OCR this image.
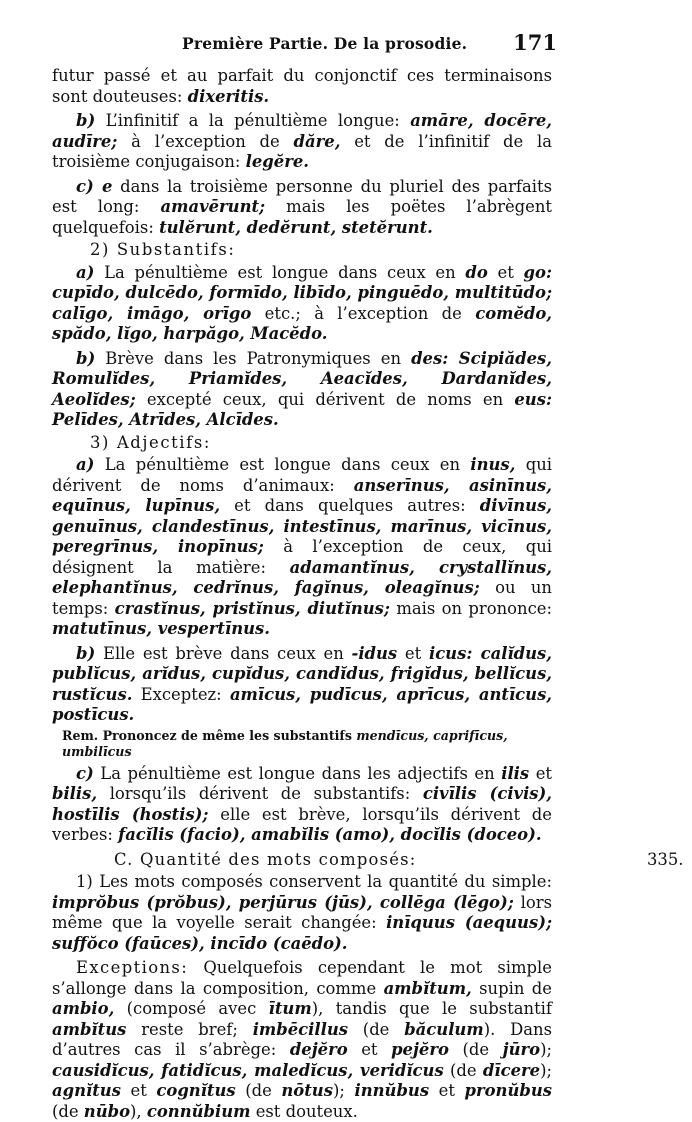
Première Partie. De la prosodie. 171

futur passé et au parfait du conjonctif ces terminaisons sont douteuses: dixeritis.

b) L’infinitif a la pénultième longue: amāre, docēre, audīre; à l’exception de dăre, et de l’infinitif de la troisième conjugaison: legĕre.

c) e dans la troisième personne du pluriel des parfaits est long: amavērunt; mais les poëtes l’abrègent quelquefois: tulĕrunt, dedĕrunt, stetĕrunt.

2) Substantifs:

a) La pénultième est longue dans ceux en do et go: cupīdo, dulcēdo, formīdo, libīdo, pinguēdo, multitūdo; calīgo, imāgo, orīgo etc.; à l’exception de comĕdo, spădo, lĭgo, harpăgo, Macĕdo.

b) Brève dans les Patronymiques en des: Scipiădes, Romulĭdes, Priamĭdes, Aeacĭdes, Dardanĭdes, Aeolĭdes; excepté ceux, qui dérivent de noms en eus: Pelīdes, Atrīdes, Alcīdes.

3) Adjectifs:

a) La pénultième est longue dans ceux en inus, qui dérivent de noms d’animaux: anserīnus, asinīnus, equīnus, lupīnus, et dans quelques autres: divīnus, genuīnus, clandestīnus, intestīnus, marīnus, vicīnus, peregrīnus, inopīnus; à l’exception de ceux, qui désignent la matière: adamantĭnus, crystallĭnus, elephantĭnus, cedrĭnus, fagĭnus, oleagĭnus; ou un temps: crastĭnus, pristĭnus, diutĭnus; mais on prononce: matutīnus, vespertīnus.

b) Elle est brève dans ceux en -idus et icus: calĭdus, publĭcus, arĭdus, cupĭdus, candĭdus, frigĭdus, bellĭcus, rustĭcus. Exceptez: amīcus, pudīcus, aprīcus, antīcus, postīcus.

Rem. Prononcez de même les substantifs mendīcus, caprifīcus, umbilīcus

c) La pénultième est longue dans les adjectifs en ilis et bilis, lorsqu’ils dérivent de substantifs: civīlis (civis), hostīlis (hostis); elle est brève, lorsqu’ils dérivent de verbes: facĭlis (facio), amabĭlis (amo), docĭlis (doceo).

C. Quantité des mots composés:	335.

1) Les mots composés conservent la quantité du simple: imprŏbus (prŏbus), perjūrus (jūs), collēga (lēgo); lors même que la voyelle serait changée: inīquus (aequus); suffŏco (faūces), incīdo (caēdo).

Exceptions: Quelquefois cependant le mot simple s’allonge dans la composition, comme ambĭtum, supin de ambio, (composé avec ītum), tandis que le substantif ambĭtus reste bref; imbēcillus (de băculum). Dans d’autres cas il s’abrège: dejĕro et pejĕro (de jūro); causidĭcus, fatidĭcus, maledĭcus, veridĭcus (de dīcere); agnĭtus et cognĭtus (de nōtus); innŭbus et pronŭbus (de nūbo), connŭbium est douteux.
